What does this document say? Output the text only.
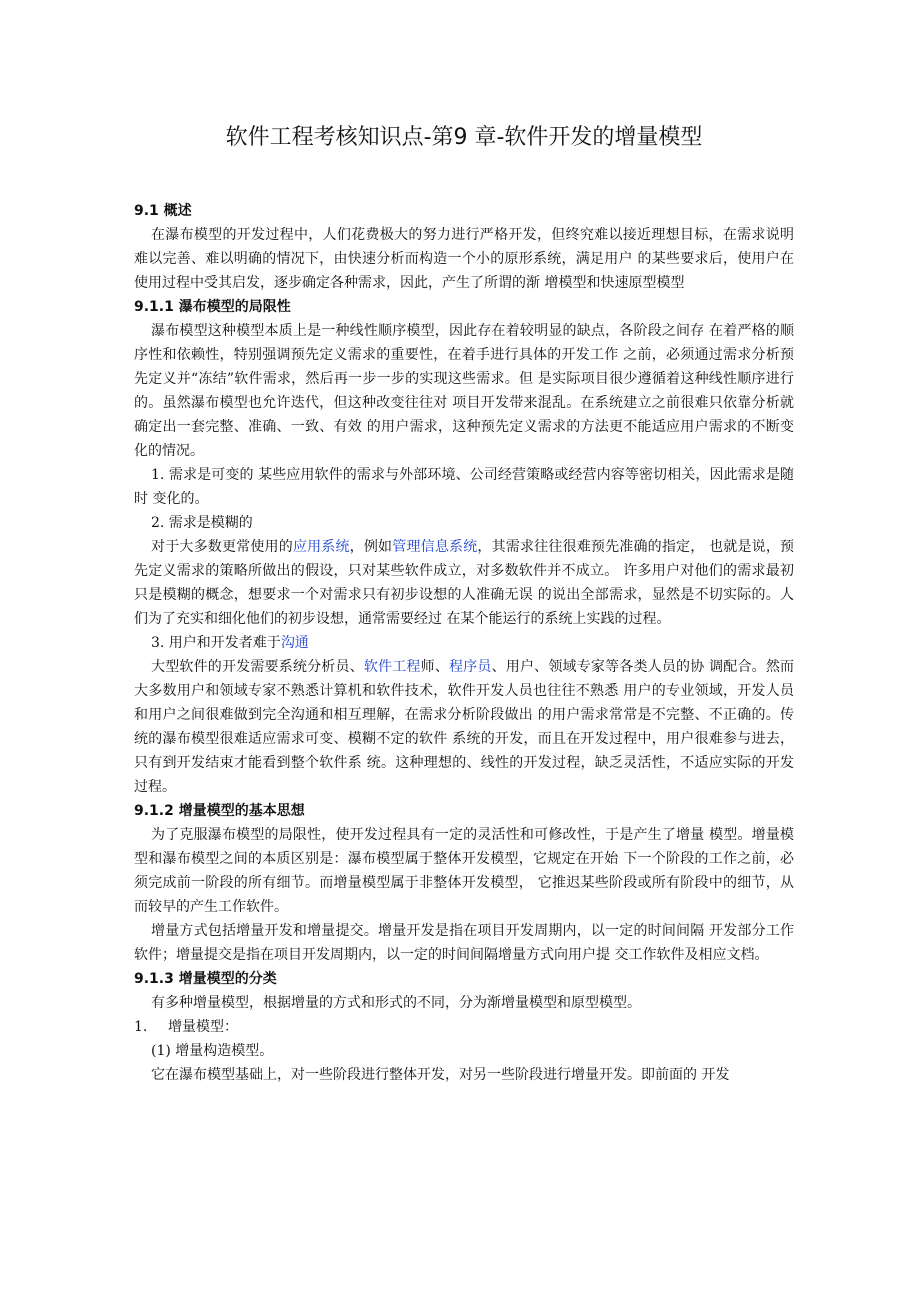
软件工程考核知识点-第9 章-软件开发的增量模型

9.1 概述

在瀑布模型的开发过程中，人们花费极大的努力进行严格开发，但终究难以接近理想目标，在需求说明难以完善、难以明确的情况下，由快速分析而构造一个小的原形系统，满足用户 的某些要求后，使用户在使用过程中受其启发，逐步确定各种需求，因此，产生了所谓的渐 增模型和快速原型模型

9.1.1 瀑布模型的局限性

瀑布模型这种模型本质上是一种线性顺序模型，因此存在着较明显的缺点，各阶段之间存 在着严格的顺序性和依赖性，特别强调预先定义需求的重要性，在着手进行具体的开发工作 之前，必须通过需求分析预先定义并“冻结”软件需求，然后再一步一步的实现这些需求。但 是实际项目很少遵循着这种线性顺序进行的。虽然瀑布模型也允许迭代，但这种改变往往对 项目开发带来混乱。在系统建立之前很难只依靠分析就确定出一套完整、准确、一致、有效 的用户需求，这种预先定义需求的方法更不能适应用户需求的不断变化的情况。

1. 需求是可变的 某些应用软件的需求与外部环境、公司经营策略或经营内容等密切相关，因此需求是随时 变化的。

2. 需求是模糊的

对于大多数更常使用的应用系统，例如管理信息系统，其需求往往很难预先准确的指定， 也就是说，预先定义需求的策略所做出的假设，只对某些软件成立，对多数软件并不成立。 许多用户对他们的需求最初只是模糊的概念，想要求一个对需求只有初步设想的人准确无误 的说出全部需求，显然是不切实际的。人们为了充实和细化他们的初步设想，通常需要经过 在某个能运行的系统上实践的过程。

3. 用户和开发者难于沟通

大型软件的开发需要系统分析员、软件工程师、程序员、用户、领域专家等各类人员的协 调配合。然而大多数用户和领域专家不熟悉计算机和软件技术，软件开发人员也往往不熟悉 用户的专业领域，开发人员和用户之间很难做到完全沟通和相互理解，在需求分析阶段做出 的用户需求常常是不完整、不正确的。传统的瀑布模型很难适应需求可变、模糊不定的软件 系统的开发，而且在开发过程中，用户很难参与进去，只有到开发结束才能看到整个软件系 统。这种理想的、线性的开发过程，缺乏灵活性，不适应实际的开发过程。

9.1.2 增量模型的基本思想

为了克服瀑布模型的局限性，使开发过程具有一定的灵活性和可修改性，于是产生了增量 模型。增量模型和瀑布模型之间的本质区别是：瀑布模型属于整体开发模型，它规定在开始 下一个阶段的工作之前，必须完成前一阶段的所有细节。而增量模型属于非整体开发模型， 它推迟某些阶段或所有阶段中的细节，从而较早的产生工作软件。

增量方式包括增量开发和增量提交。增量开发是指在项目开发周期内，以一定的时间间隔 开发部分工作软件；增量提交是指在项目开发周期内，以一定的时间间隔增量方式向用户提 交工作软件及相应文档。

9.1.3 增量模型的分类

有多种增量模型，根据增量的方式和形式的不同，分为渐增量模型和原型模型。

1. 增量模型：

(1) 增量构造模型。

它在瀑布模型基础上，对一些阶段进行整体开发，对另一些阶段进行增量开发。即前面的 开发
